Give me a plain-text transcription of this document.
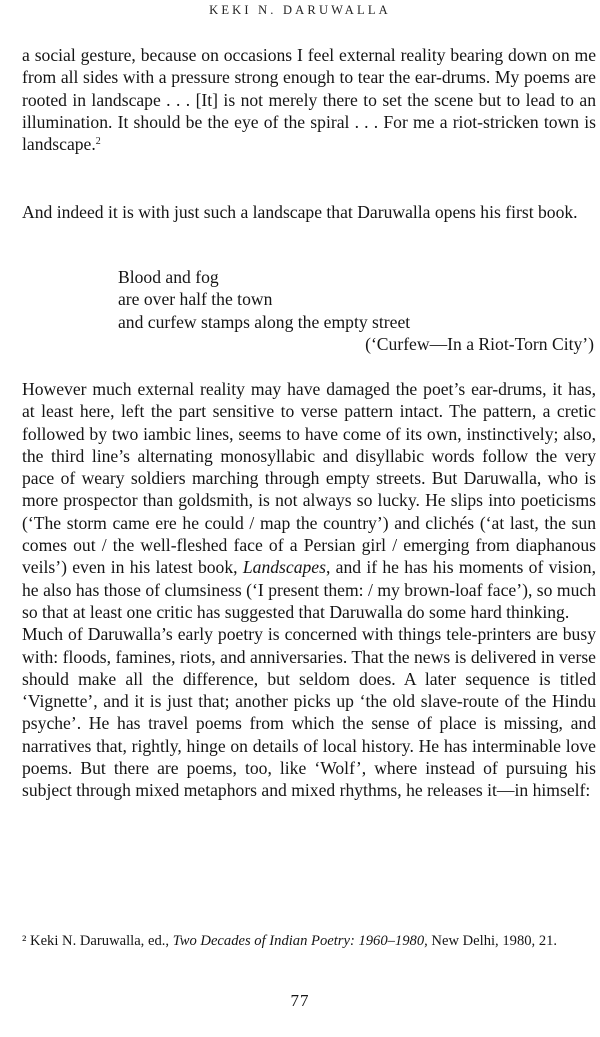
KEKI N. DARUWALLA
a social gesture, because on occasions I feel external reality bearing down on me from all sides with a pressure strong enough to tear the ear-drums. My poems are rooted in landscape . . . [It] is not merely there to set the scene but to lead to an illumination. It should be the eye of the spiral . . . For me a riot-stricken town is landscape.$^2$
And indeed it is with just such a landscape that Daruwalla opens his first book.
Blood and fog
are over half the town
and curfew stamps along the empty street
(‘Curfew—In a Riot-Torn City’)

However much external reality may have damaged the poet’s ear-drums, it has, at least here, left the part sensitive to verse pattern intact. The pattern, a cretic followed by two iambic lines, seems to have come of its own, instinctively; also, the third line’s alternating monosyllabic and disyllabic words follow the very pace of weary soldiers marching through empty streets. But Daruwalla, who is more prospector than goldsmith, is not always so lucky. He slips into poeticisms (‘The storm came ere he could / map the country’) and clichés (‘at last, the sun comes out / the well-fleshed face of a Persian girl / emerging from diaphanous veils’) even in his latest book, Landscapes, and if he has his moments of vision, he also has those of clumsiness (‘I present them: / my brown-loaf face’), so much so that at least one critic has suggested that Daruwalla do some hard thinking.

Much of Daruwalla’s early poetry is concerned with things tele-printers are busy with: floods, famines, riots, and anniversaries. That the news is delivered in verse should make all the difference, but seldom does. A later sequence is titled ‘Vignette’, and it is just that; another picks up ‘the old slave-route of the Hindu psyche’. He has travel poems from which the sense of place is missing, and narratives that, rightly, hinge on details of local history. He has interminable love poems. But there are poems, too, like ‘Wolf’, where instead of pursuing his subject through mixed metaphors and mixed rhythms, he releases it—in himself:

² Keki N. Daruwalla, ed., Two Decades of Indian Poetry: 1960–1980, New Delhi, 1980, 21.
77
